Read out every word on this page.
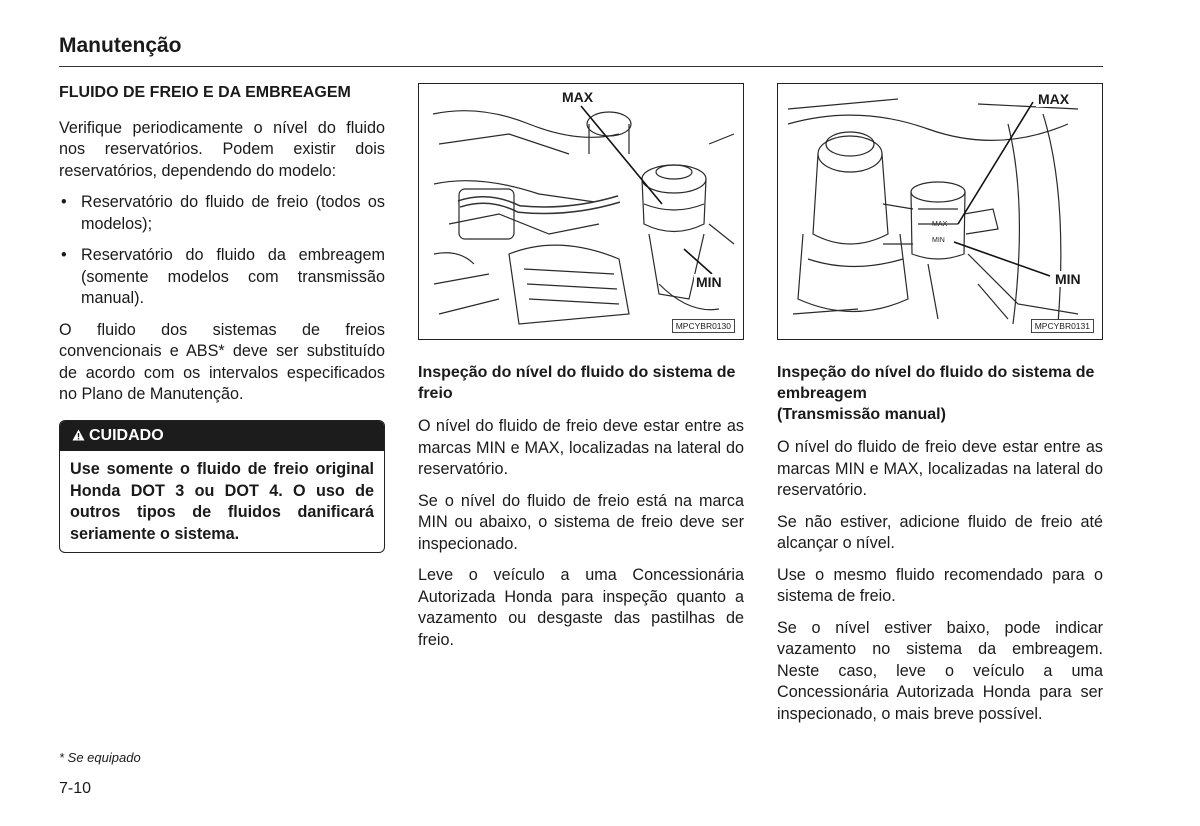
Manutenção

FLUIDO DE FREIO E DA EMBREAGEM

Verifique periodicamente o nível do fluido nos reservatórios. Podem existir dois reservatórios, dependendo do modelo:

• Reservatório do fluido de freio (todos os modelos);
• Reservatório do fluido da embreagem (somente modelos com transmissão manual).

O fluido dos sistemas de freios convencionais e ABS* deve ser substituído de acordo com os intervalos especificados no Plano de Manutenção.

CUIDADO
Use somente o fluido de freio original Honda DOT 3 ou DOT 4. O uso de outros tipos de fluidos danificará seriamente o sistema.
MAX
MIN
MPCYBR0130
MAX
MIN
MAX
MIN
MPCYBR0131

Inspeção do nível do fluido do sistema de freio

O nível do fluido de freio deve estar entre as marcas MIN e MAX, localizadas na lateral do reservatório.

Se o nível do fluido de freio está na marca MIN ou abaixo, o sistema de freio deve ser inspecionado.

Leve o veículo a uma Concessionária Autorizada Honda para inspeção quanto a vazamento ou desgaste das pastilhas de freio.

Inspeção do nível do fluido do sistema de embreagem
(Transmissão manual)

O nível do fluido de freio deve estar entre as marcas MIN e MAX, localizadas na lateral do reservatório.

Se não estiver, adicione fluido de freio até alcançar o nível.

Use o mesmo fluido recomendado para o sistema de freio.

Se o nível estiver baixo, pode indicar vazamento no sistema da embreagem. Neste caso, leve o veículo a uma Concessionária Autorizada Honda para ser inspecionado, o mais breve possível.

* Se equipado
7-10
